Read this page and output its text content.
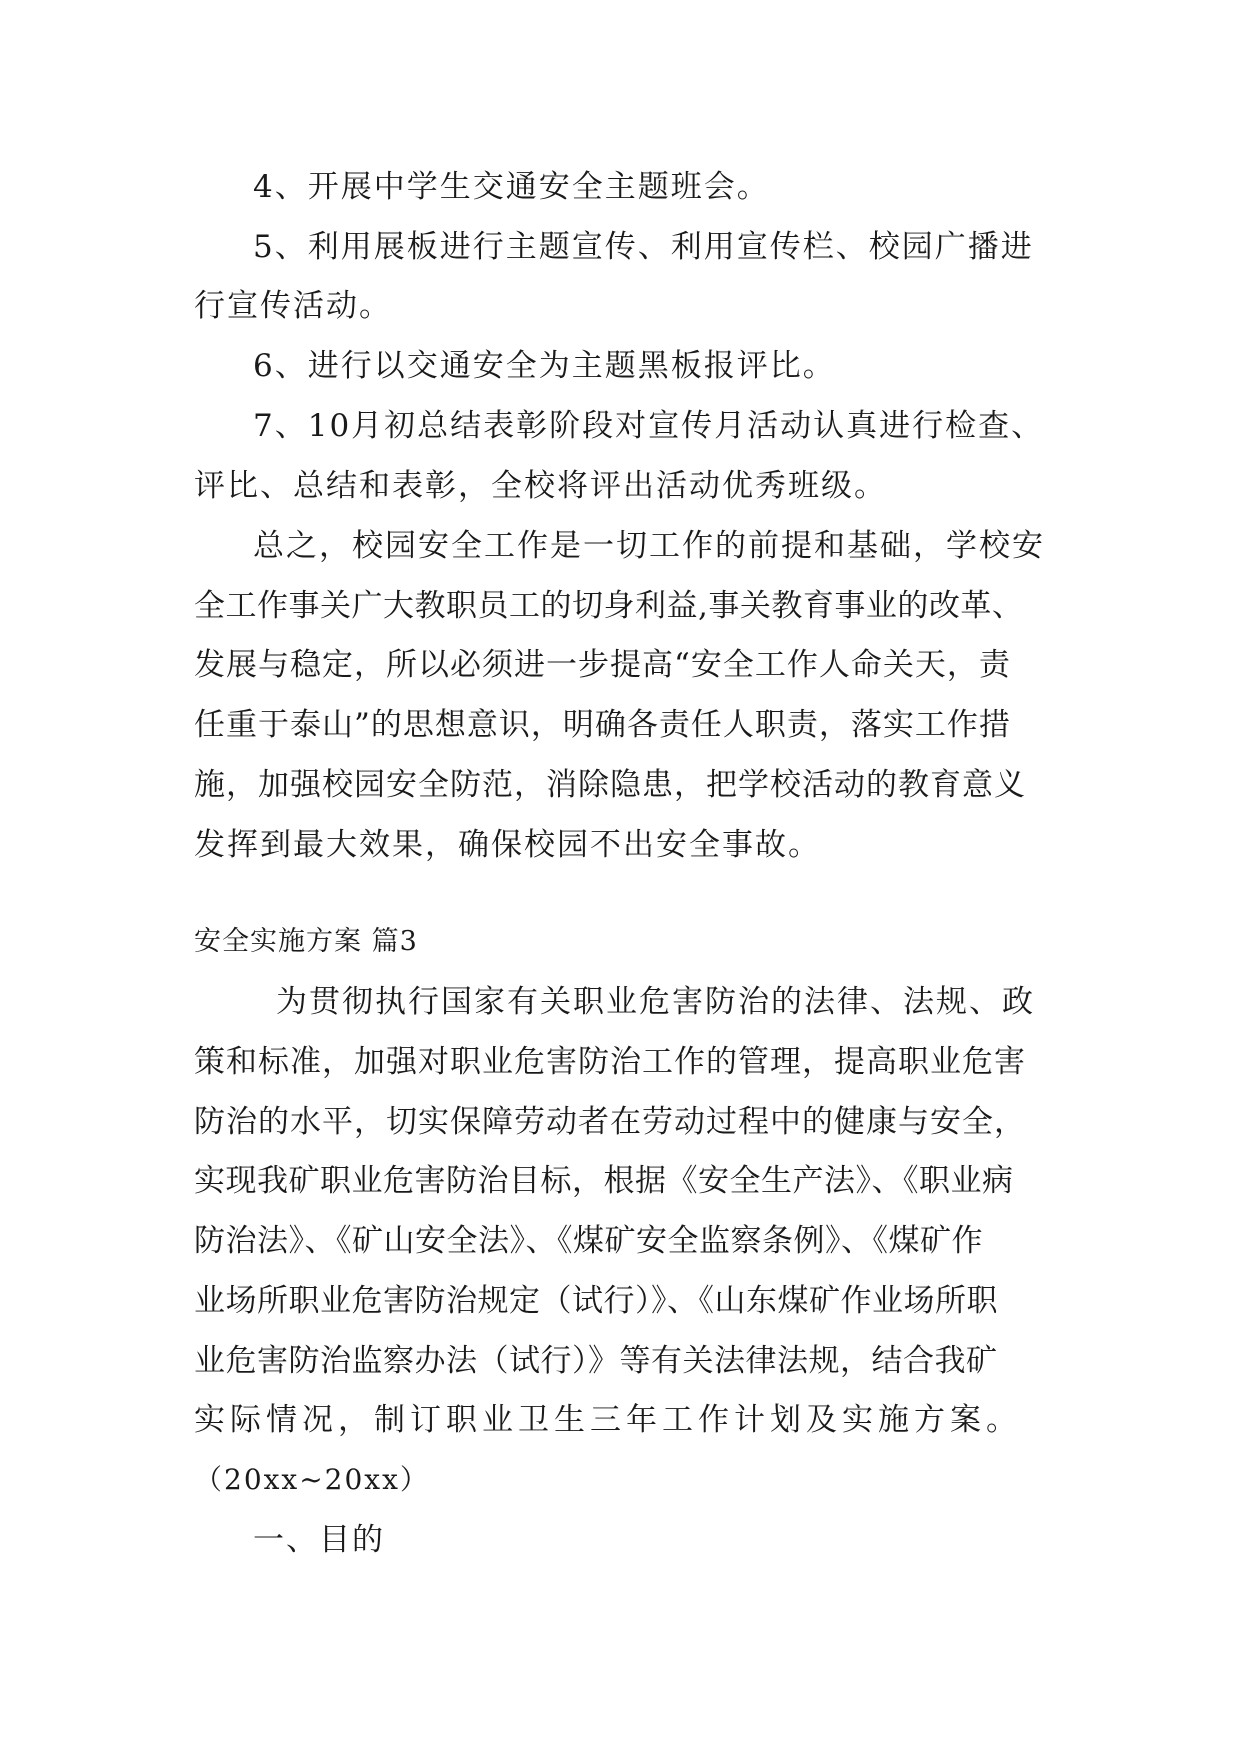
4、开展中学生交通安全主题班会。
5、利用展板进行主题宣传、利用宣传栏、校园广播进
行宣传活动。
6、进行以交通安全为主题黑板报评比。
7、10月初总结表彰阶段对宣传月活动认真进行检查、
评比、总结和表彰，全校将评出活动优秀班级。
总之，校园安全工作是一切工作的前提和基础，学校安
全工作事关广大教职员工的切身利益,事关教育事业的改革、
发展与稳定，所以必须进一步提高“安全工作人命关天，责
任重于泰山”的思想意识，明确各责任人职责，落实工作措
施，加强校园安全防范，消除隐患，把学校活动的教育意义
发挥到最大效果，确保校园不出安全事故。
安全实施方案 篇3
为贯彻执行国家有关职业危害防治的法律、法规、政
策和标准，加强对职业危害防治工作的管理，提高职业危害
防治的水平，切实保障劳动者在劳动过程中的健康与安全，
实现我矿职业危害防治目标，根据《安全生产法》、《职业病
防治法》、《矿山安全法》、《煤矿安全监察条例》、《煤矿作
业场所职业危害防治规定（试行）》、《山东煤矿作业场所职
业危害防治监察办法（试行）》等有关法律法规，结合我矿
实际情况，制订职业卫生三年工作计划及实施方案。
（20xx~20xx）
一、目的
